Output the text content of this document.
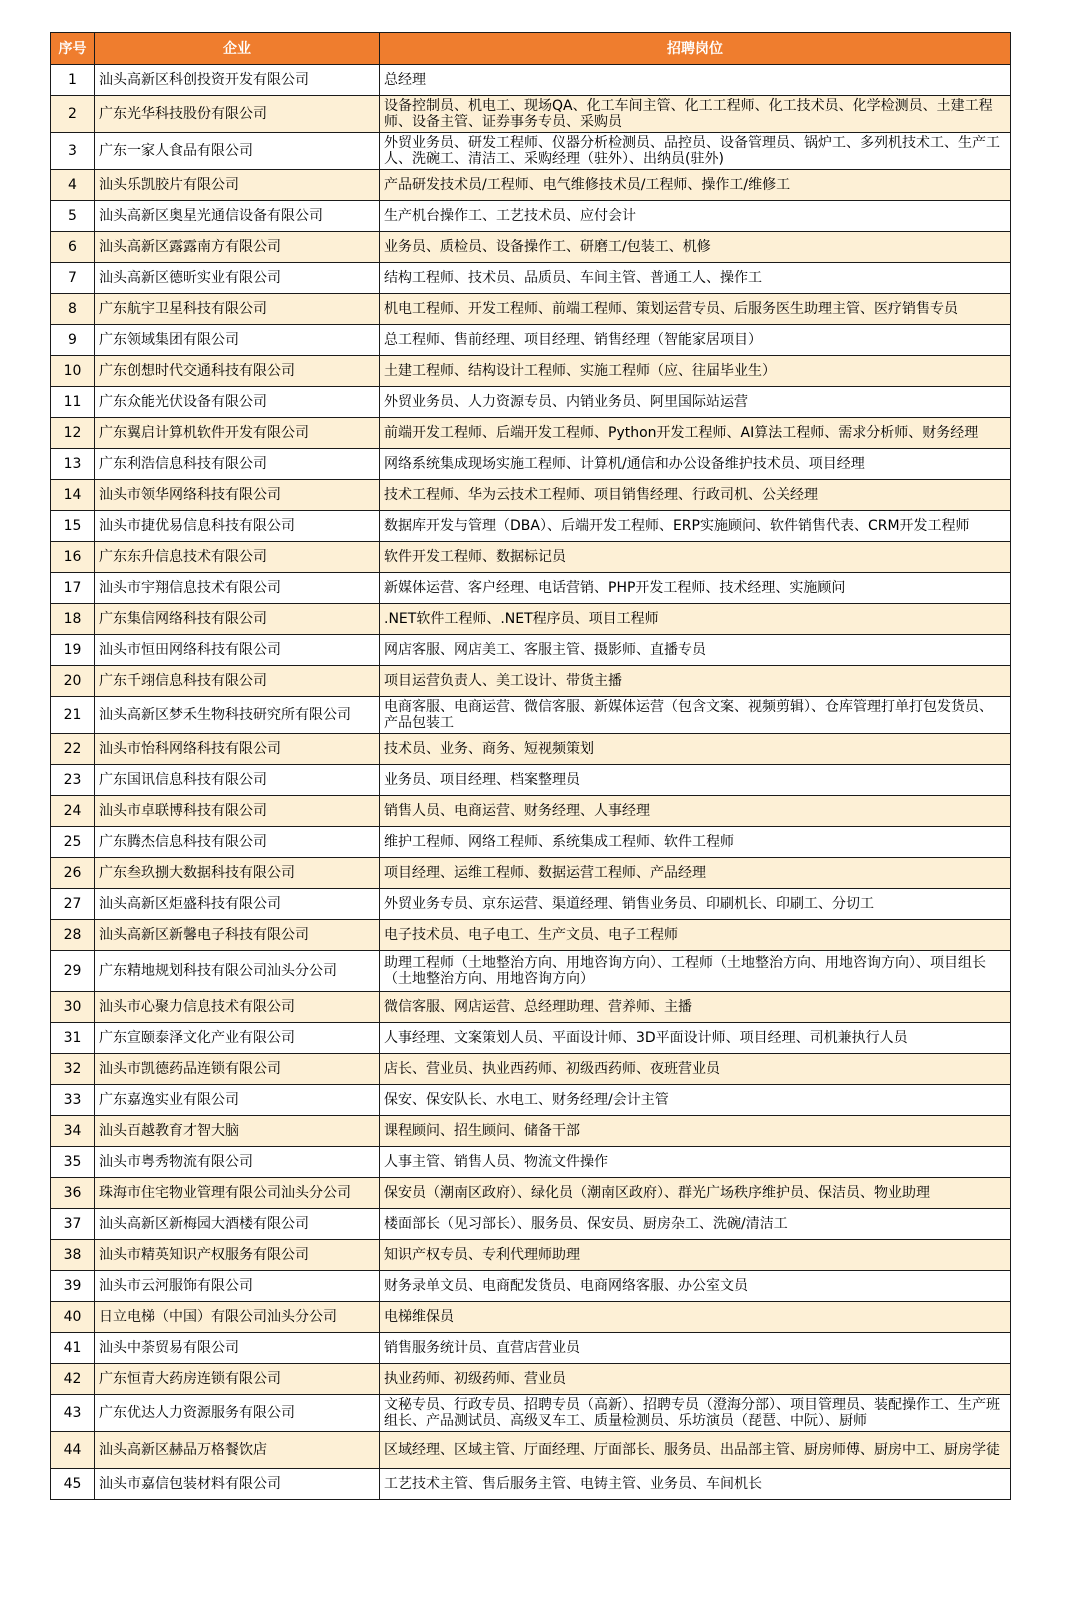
序号	企业	招聘岗位
1	汕头高新区科创投资开发有限公司	总经理
2	广东光华科技股份有限公司	设备控制员、机电工、现场QA、化工车间主管、化工工程师、化工技术员、化学检测员、土建工程师、设备主管、证券事务专员、采购员
3	广东一家人食品有限公司	外贸业务员、研发工程师、仪器分析检测员、品控员、设备管理员、锅炉工、多列机技术工、生产工人、洗碗工、清洁工、采购经理（驻外）、出纳员(驻外)
4	汕头乐凯胶片有限公司	产品研发技术员/工程师、电气维修技术员/工程师、操作工/维修工
5	汕头高新区奥星光通信设备有限公司	生产机台操作工、工艺技术员、应付会计
6	汕头高新区露露南方有限公司	业务员、质检员、设备操作工、研磨工/包装工、机修
7	汕头高新区德昕实业有限公司	结构工程师、技术员、品质员、车间主管、普通工人、操作工
8	广东航宇卫星科技有限公司	机电工程师、开发工程师、前端工程师、策划运营专员、后服务医生助理主管、医疗销售专员
9	广东领域集团有限公司	总工程师、售前经理、项目经理、销售经理（智能家居项目）
10	广东创想时代交通科技有限公司	土建工程师、结构设计工程师、实施工程师（应、往届毕业生）
11	广东众能光伏设备有限公司	外贸业务员、人力资源专员、内销业务员、阿里国际站运营
12	广东翼启计算机软件开发有限公司	前端开发工程师、后端开发工程师、Python开发工程师、AI算法工程师、需求分析师、财务经理
13	广东利浩信息科技有限公司	网络系统集成现场实施工程师、计算机/通信和办公设备维护技术员、项目经理
14	汕头市领华网络科技有限公司	技术工程师、华为云技术工程师、项目销售经理、行政司机、公关经理
15	汕头市捷优易信息科技有限公司	数据库开发与管理（DBA）、后端开发工程师、ERP实施顾问、软件销售代表、CRM开发工程师
16	广东东升信息技术有限公司	软件开发工程师、数据标记员
17	汕头市宇翔信息技术有限公司	新媒体运营、客户经理、电话营销、PHP开发工程师、技术经理、实施顾问
18	广东集信网络科技有限公司	.NET软件工程师、.NET程序员、项目工程师
19	汕头市恒田网络科技有限公司	网店客服、网店美工、客服主管、摄影师、直播专员
20	广东千翊信息科技有限公司	项目运营负责人、美工设计、带货主播
21	汕头高新区梦禾生物科技研究所有限公司	电商客服、电商运营、微信客服、新媒体运营（包含文案、视频剪辑）、仓库管理打单打包发货员、产品包装工
22	汕头市怡科网络科技有限公司	技术员、业务、商务、短视频策划
23	广东国讯信息科技有限公司	业务员、项目经理、档案整理员
24	汕头市卓联博科技有限公司	销售人员、电商运营、财务经理、人事经理
25	广东腾杰信息科技有限公司	维护工程师、网络工程师、系统集成工程师、软件工程师
26	广东叁玖捌大数据科技有限公司	项目经理、运维工程师、数据运营工程师、产品经理
27	汕头高新区炬盛科技有限公司	外贸业务专员、京东运营、渠道经理、销售业务员、印刷机长、印刷工、分切工
28	汕头高新区新馨电子科技有限公司	电子技术员、电子电工、生产文员、电子工程师
29	广东精地规划科技有限公司汕头分公司	助理工程师（土地整治方向、用地咨询方向）、工程师（土地整治方向、用地咨询方向）、项目组长（土地整治方向、用地咨询方向）
30	汕头市心聚力信息技术有限公司	微信客服、网店运营、总经理助理、营养师、主播
31	广东宣颐泰泽文化产业有限公司	人事经理、文案策划人员、平面设计师、3D平面设计师、项目经理、司机兼执行人员
32	汕头市凯德药品连锁有限公司	店长、营业员、执业西药师、初级西药师、夜班营业员
33	广东嘉逸实业有限公司	保安、保安队长、水电工、财务经理/会计主管
34	汕头百越教育才智大脑	课程顾问、招生顾问、储备干部
35	汕头市粤秀物流有限公司	人事主管、销售人员、物流文件操作
36	珠海市住宅物业管理有限公司汕头分公司	保安员（潮南区政府）、绿化员（潮南区政府）、群光广场秩序维护员、保洁员、物业助理
37	汕头高新区新梅园大酒楼有限公司	楼面部长（见习部长）、服务员、保安员、厨房杂工、洗碗/清洁工
38	汕头市精英知识产权服务有限公司	知识产权专员、专利代理师助理
39	汕头市云河服饰有限公司	财务录单文员、电商配发货员、电商网络客服、办公室文员
40	日立电梯（中国）有限公司汕头分公司	电梯维保员
41	汕头中荼贸易有限公司	销售服务统计员、直营店营业员
42	广东恒青大药房连锁有限公司	执业药师、初级药师、营业员
43	广东优达人力资源服务有限公司	文秘专员、行政专员、招聘专员（高新）、招聘专员（澄海分部）、项目管理员、装配操作工、生产班组长、产品测试员、高级叉车工、质量检测员、乐坊演员（琵琶、中阮）、厨师
44	汕头高新区赫品万格餐饮店	区域经理、区域主管、厅面经理、厅面部长、服务员、出品部主管、厨房师傅、厨房中工、厨房学徒
45	汕头市嘉信包装材料有限公司	工艺技术主管、售后服务主管、电铸主管、业务员、车间机长
